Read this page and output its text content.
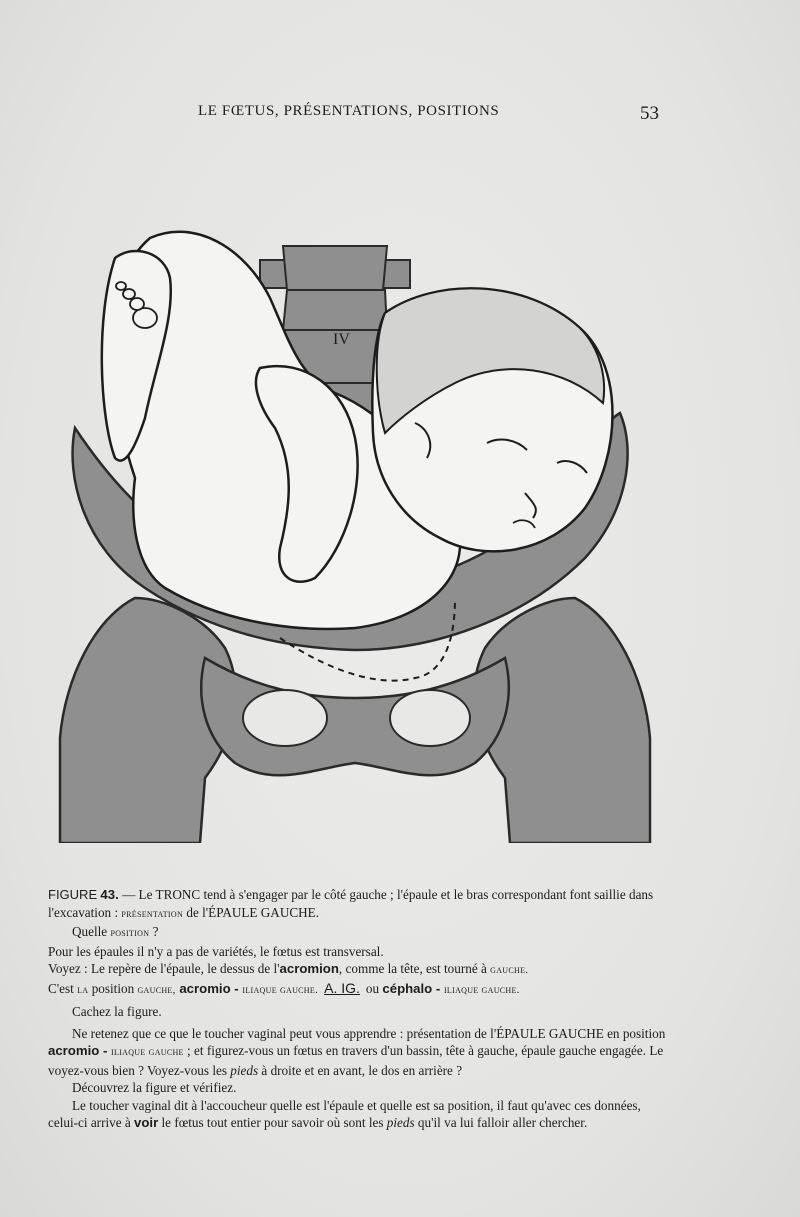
LE FŒTUS, PRÉSENTATIONS, POSITIONS	53
IV

FIGURE 43. — Le TRONC tend à s'engager par le côté gauche ; l'épaule et le bras correspondant font saillie dans l'excavation : présentation de l'ÉPAULE GAUCHE.

Quelle position ?

Pour les épaules il n'y a pas de variétés, le fœtus est transversal.

Voyez : Le repère de l'épaule, le dessus de l'acromion, comme la tête, est tourné à gauche.

C'est la position gauche, acromio - iliaque gauche. A. IG. ou céphalo - iliaque gauche.

Cachez la figure.

Ne retenez que ce que le toucher vaginal peut vous apprendre : présentation de l'ÉPAULE GAUCHE en position acromio - iliaque gauche ; et figurez-vous un fœtus en travers d'un bassin, tête à gauche, épaule gauche engagée. Le voyez-vous bien ? Voyez-vous les pieds à droite et en avant, le dos en arrière ?

Découvrez la figure et vérifiez.

Le toucher vaginal dit à l'accoucheur quelle est l'épaule et quelle est sa position, il faut qu'avec ces données, celui-ci arrive à voir le fœtus tout entier pour savoir où sont les pieds qu'il va lui falloir aller chercher.
